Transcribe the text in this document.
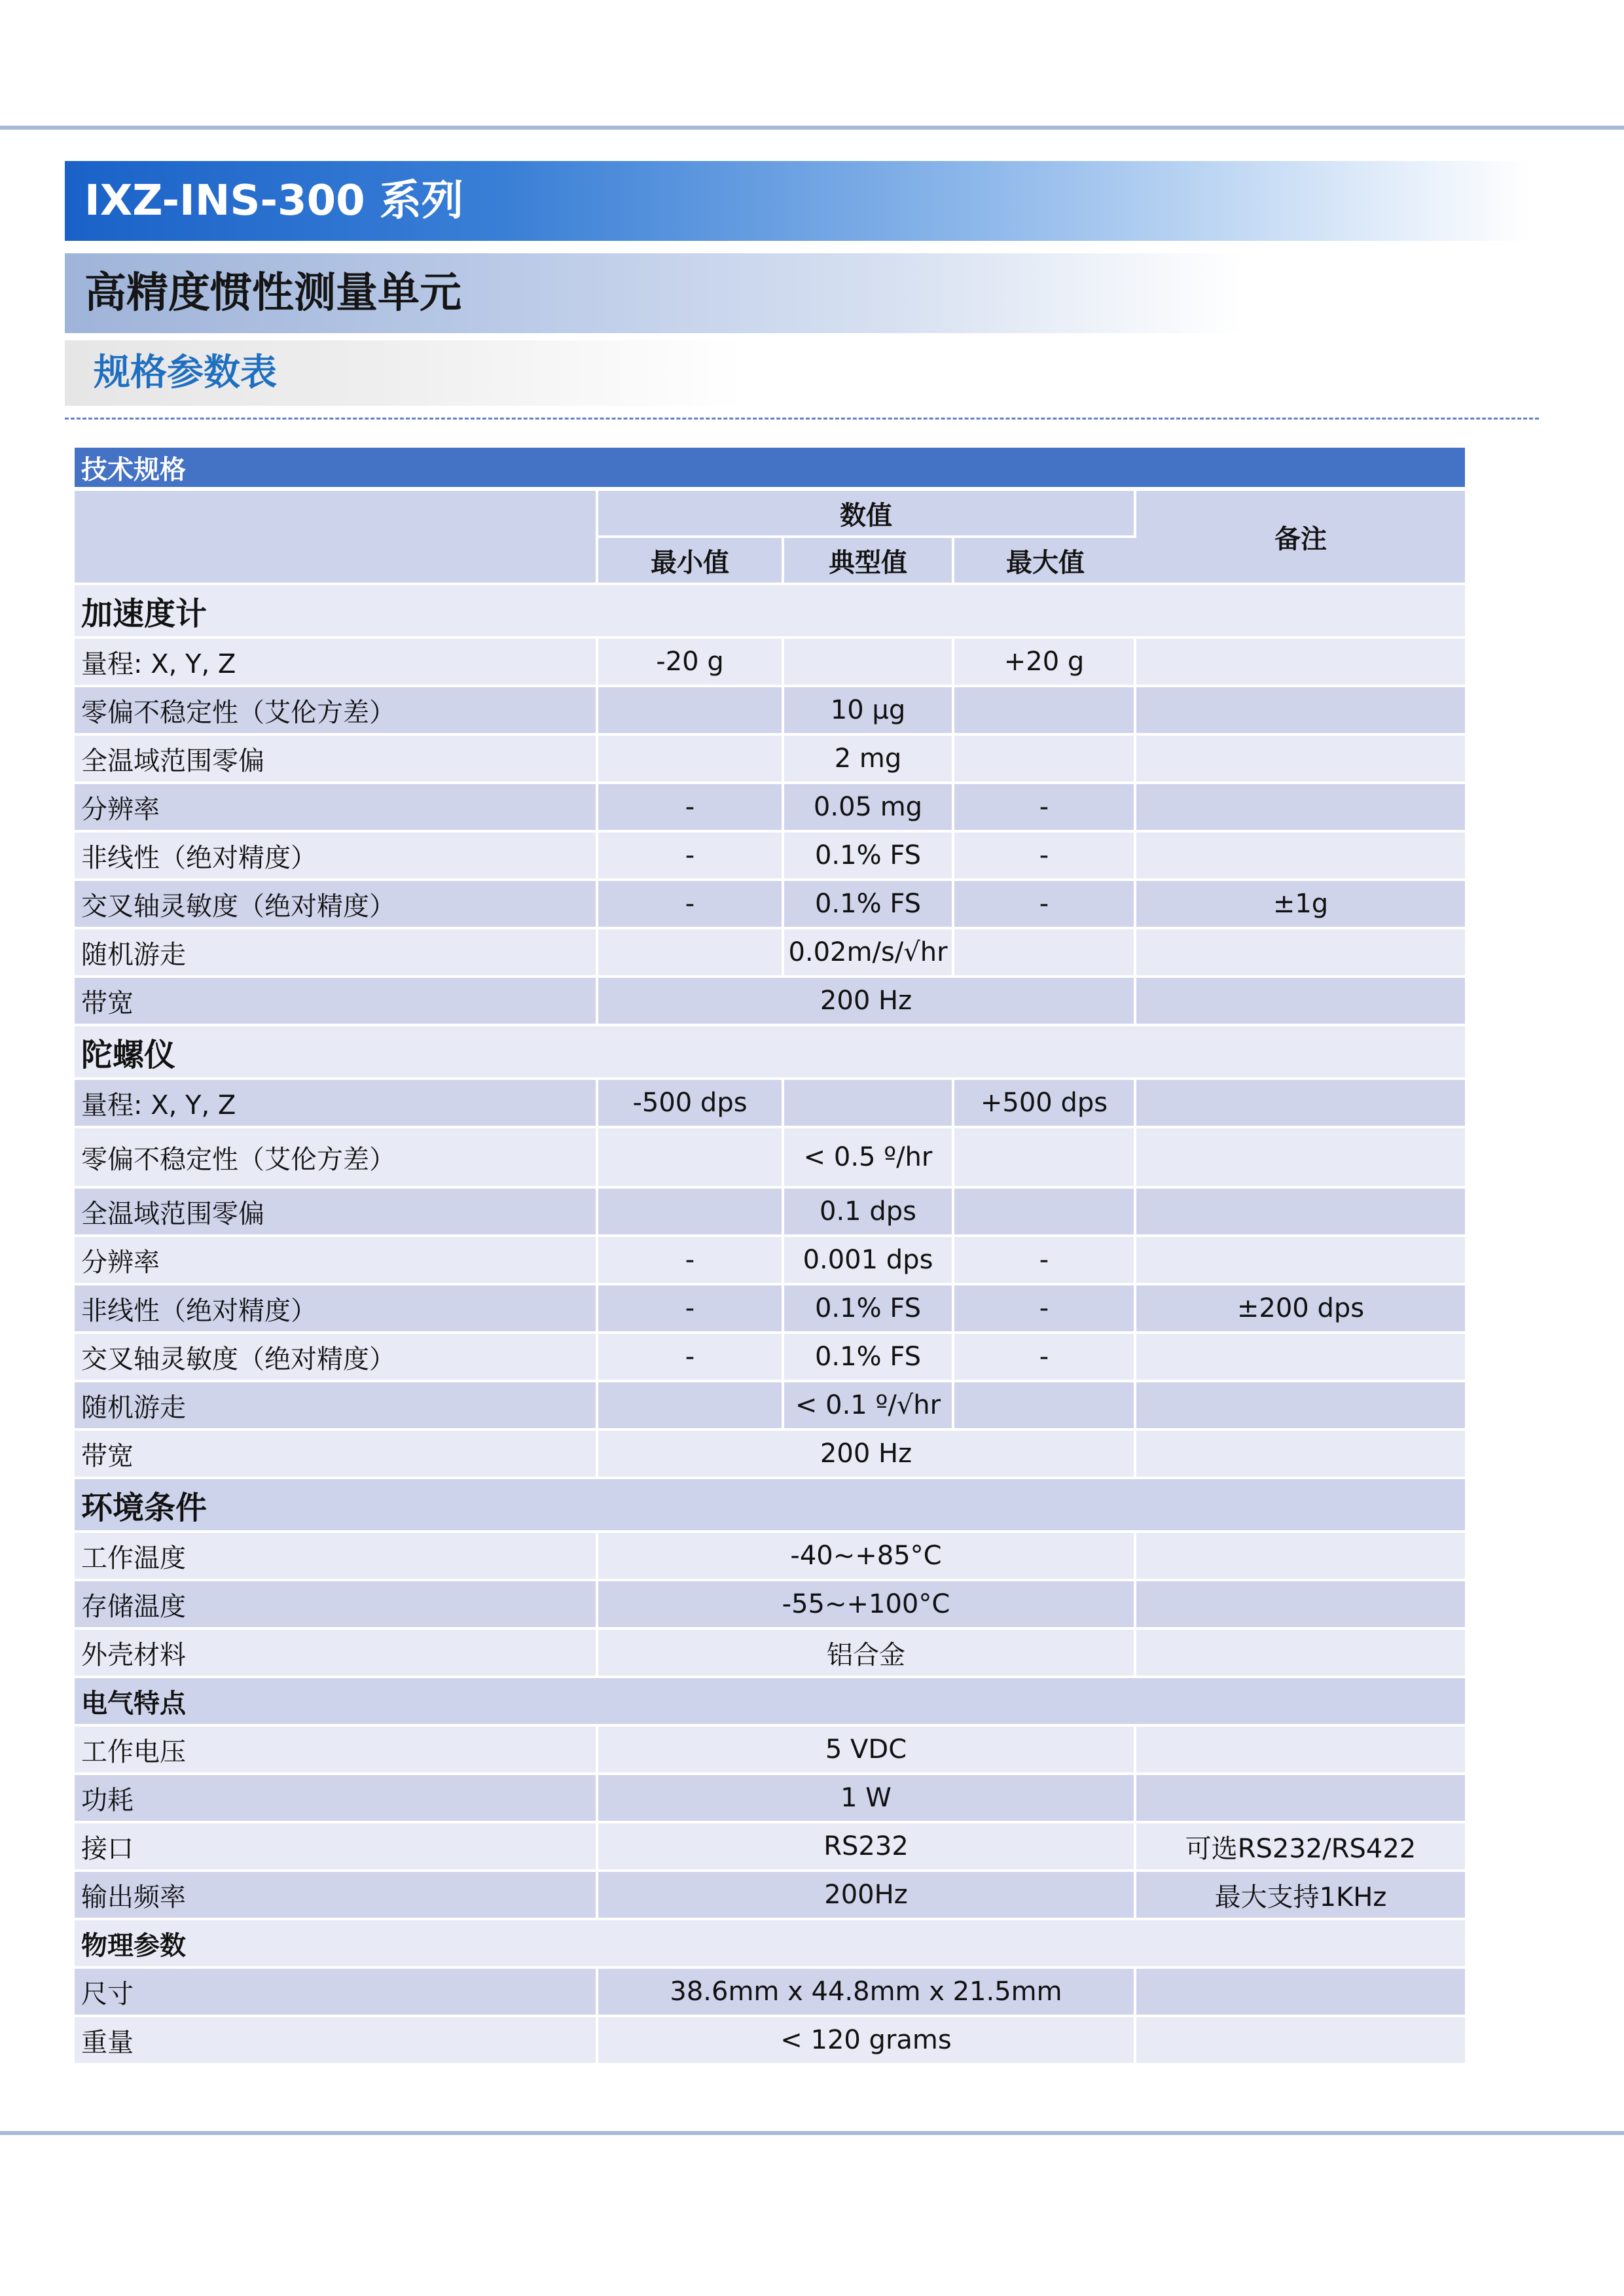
IXZ-INS-300 系列
高精度惯性测量单元
规格参数表
技术规格				
	数值			备注
	最小值	典型值	最大值	
加速度计				
量程: X, Y, Z	-20 g		+20 g	
零偏不稳定性（艾伦方差）		10 μg		
全温域范围零偏		2 mg		
分辨率	-	0.05 mg	-	
非线性（绝对精度）	-	0.1% FS	-	
交叉轴灵敏度（绝对精度）	-	0.1% FS	-	±1g
随机游走		0.02m/s/√hr		
带宽	200 Hz			
陀螺仪				
量程: X, Y, Z	-500 dps		+500 dps	
零偏不稳定性（艾伦方差）		< 0.5 º/hr		
全温域范围零偏		0.1 dps		
分辨率	-	0.001 dps	-	
非线性（绝对精度）	-	0.1% FS	-	±200 dps
交叉轴灵敏度（绝对精度）	-	0.1% FS	-	
随机游走		< 0.1 º/√hr		
带宽	200 Hz			
环境条件				
工作温度	-40~+85°C			
存储温度	-55~+100°C			
外壳材料	铝合金			
电气特点				
工作电压	5 VDC			
功耗	1 W			
接口	RS232			可选RS232/RS422
输出频率	200Hz			最大支持1KHz
物理参数				
尺寸	38.6mm x 44.8mm x 21.5mm			
重量	< 120 grams			
